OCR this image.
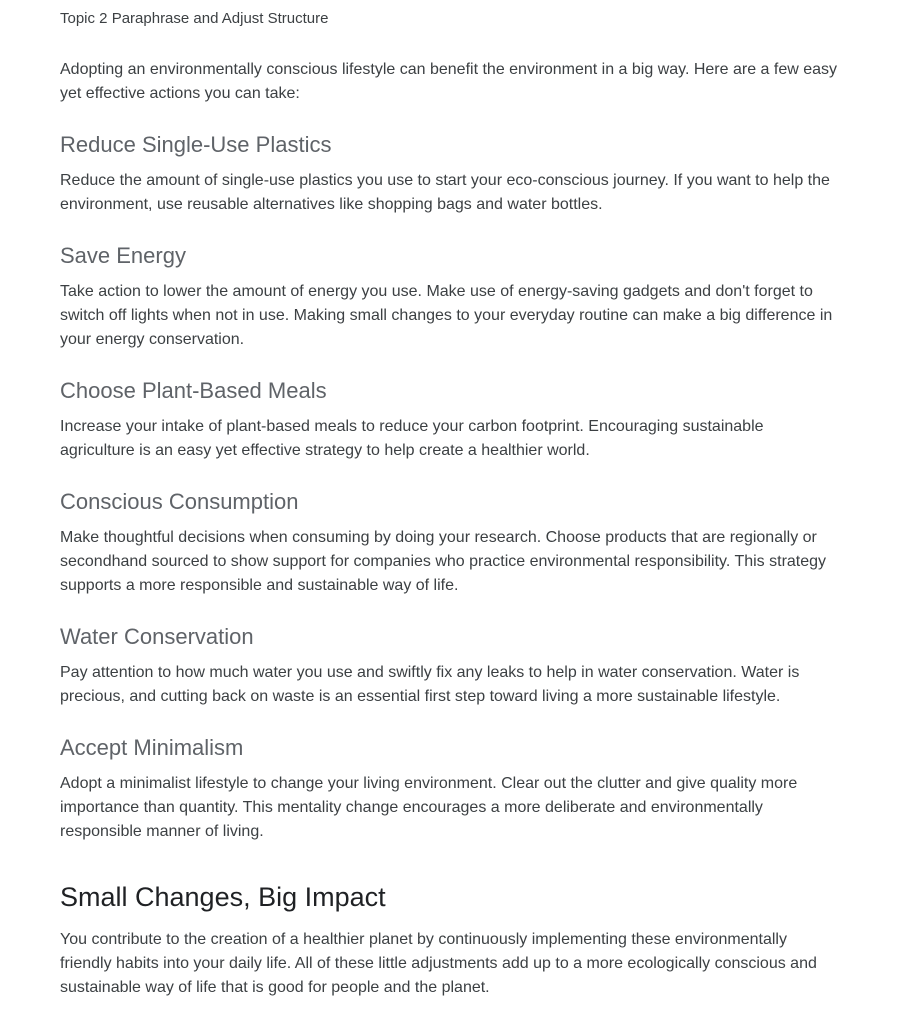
Topic 2 Paraphrase and Adjust Structure

Adopting an environmentally conscious lifestyle can benefit the environment in a big way. Here are a few easy yet effective actions you can take:

Reduce Single-Use Plastics

Reduce the amount of single-use plastics you use to start your eco-conscious journey. If you want to help the environment, use reusable alternatives like shopping bags and water bottles.

Save Energy

Take action to lower the amount of energy you use. Make use of energy-saving gadgets and don't forget to switch off lights when not in use. Making small changes to your everyday routine can make a big difference in your energy conservation.

Choose Plant-Based Meals

Increase your intake of plant-based meals to reduce your carbon footprint. Encouraging sustainable agriculture is an easy yet effective strategy to help create a healthier world.

Conscious Consumption

Make thoughtful decisions when consuming by doing your research. Choose products that are regionally or secondhand sourced to show support for companies who practice environmental responsibility. This strategy supports a more responsible and sustainable way of life.

Water Conservation

Pay attention to how much water you use and swiftly fix any leaks to help in water conservation. Water is precious, and cutting back on waste is an essential first step toward living a more sustainable lifestyle.

Accept Minimalism

Adopt a minimalist lifestyle to change your living environment. Clear out the clutter and give quality more importance than quantity. This mentality change encourages a more deliberate and environmentally responsible manner of living.

Small Changes, Big Impact

You contribute to the creation of a healthier planet by continuously implementing these environmentally friendly habits into your daily life. All of these little adjustments add up to a more ecologically conscious and sustainable way of life that is good for people and the planet.
